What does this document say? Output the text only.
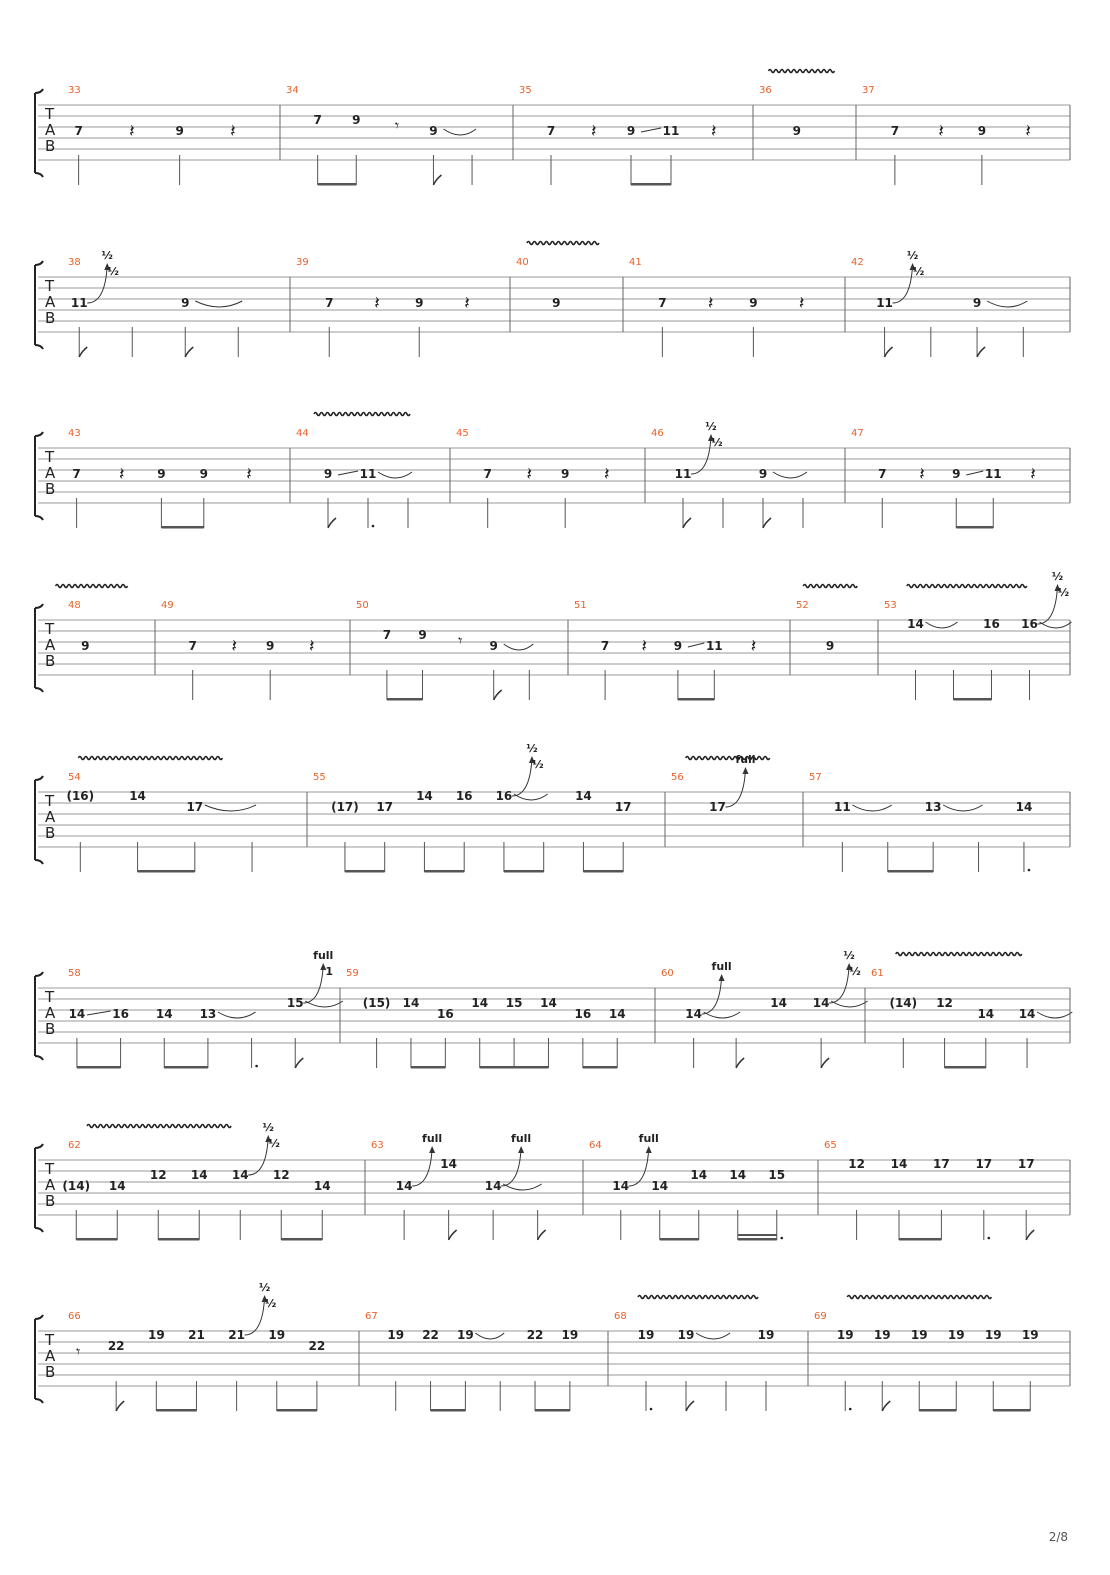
T
A
B
33
7	𝄽	9	𝄽
34
7	9 𝄾	9
35
7 𝄽	9 11 𝄽
36
9
37
7 𝄽	9 𝄽
T
A
B
38
11
½
½
9
39
7 𝄽	9 𝄽
40
9
41
7 𝄽	9 𝄽
42
11
½
½
9
T
A
B
43
7 𝄽	9	9 𝄽
44
9 11
45
7 𝄽 9 𝄽
46
11
½
½
9
47
7 𝄽 9 11 𝄽
T
A
B
48
9
49
7 𝄽 9 𝄽
50
7 9 𝄾 9
51
7 𝄽 9 11 𝄽
52
9
53
14	16 16
½
½
T
A
B
54
(16)	14
17
55
(17) 17
14 16 16
½
½
14
17
56
17
full
57
11	13	14
T
A
B
58
14 16 14 13
15
full
1 59
(15) 14
16
14 15 14
16 14
60
14
full
14 14
½
½ 61
(14) 12
14 14
T
A
B
62
(14) 14
12 14 14
½
½
12
14
63
14
full
14
14
full
64
14
full
14
14 14 15
65
12 14 17 17 17
T
A
B
66
𝄾 22
19 21 21
½
½
19
22
67
19 22 19	22 19
68
19 19	19
69
19 19 19 19 19 19
2/8
